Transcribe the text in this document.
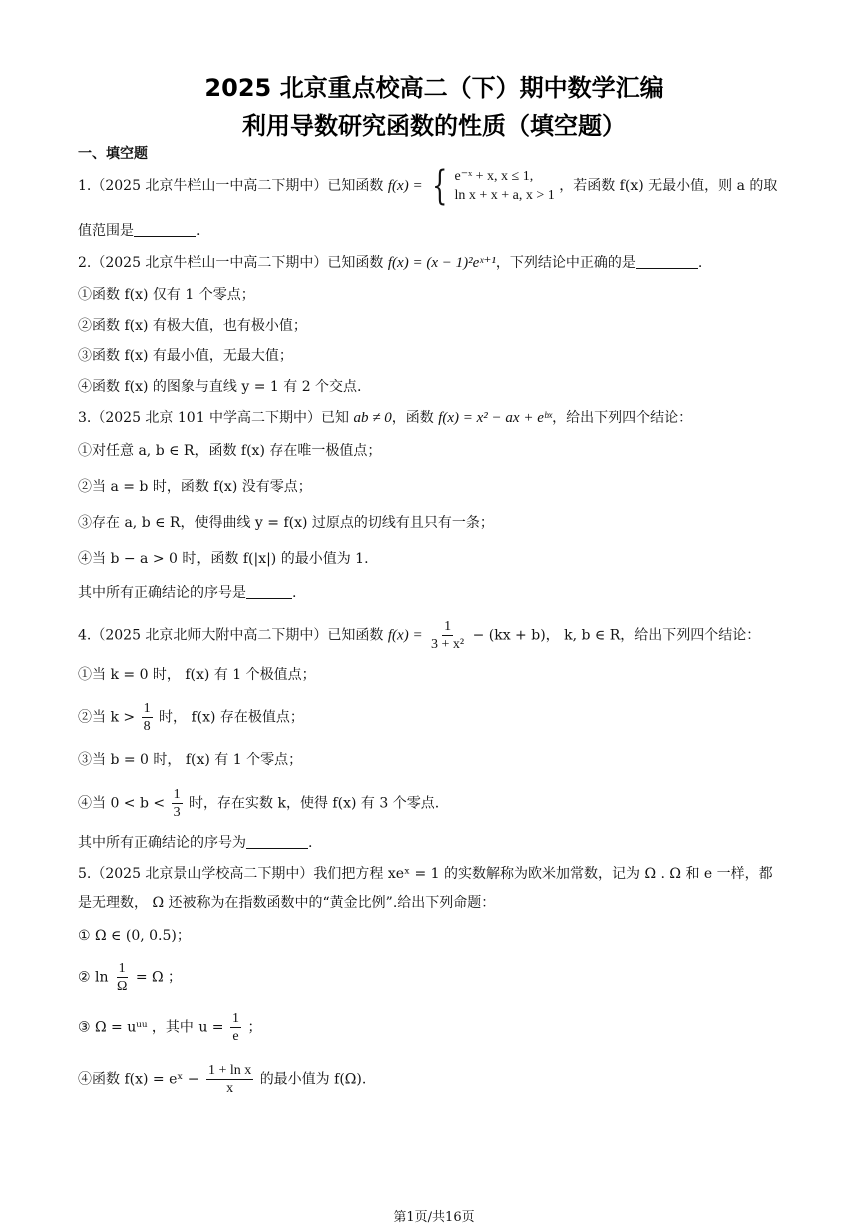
2025 北京重点校高二（下）期中数学汇编
利用导数研究函数的性质（填空题）
一、填空题
1.（2025 北京牛栏山一中高二下期中）已知函数 f(x) = { e⁻ˣ + x, x ≤ 1,
ln x + x + a, x > 1
，若函数 f(x) 无最小值，则 a 的取
值范围是	.
2.（2025 北京牛栏山一中高二下期中）已知函数 f(x) = (x − 1)²eˣ⁺¹，下列结论中正确的是	.
①函数 f(x) 仅有 1 个零点；
②函数 f(x) 有极大值，也有极小值；
③函数 f(x) 有最小值，无最大值；
④函数 f(x) 的图象与直线 y = 1 有 2 个交点.
3.（2025 北京 101 中学高二下期中）已知 ab ≠ 0，函数 f(x) = x² − ax + eᵇˣ，给出下列四个结论：
①对任意 a, b ∈ R，函数 f(x) 存在唯一极值点；
②当 a = b 时，函数 f(x) 没有零点；
③存在 a, b ∈ R，使得曲线 y = f(x) 过原点的切线有且只有一条；
④当 b − a > 0 时，函数 f(|x|) 的最小值为 1.
其中所有正确结论的序号是	.
4.（2025 北京北师大附中高二下期中）已知函数 $f(x) = \frac{1}{\text{3 + x²}} - (kx + b)$， k, b ∈ R，给出下列四个结论：
①当 k = 0 时， f(x) 有 1 个极值点；
②当 $k > \frac{1}{8}$ 时， f(x) 存在极值点；
③当 b = 0 时， f(x) 有 1 个零点；
④当 $0 < b < \frac{1}{3}$ 时，存在实数 k，使得 f(x) 有 3 个零点.
其中所有正确结论的序号为	.
5.（2025 北京景山学校高二下期中）我们把方程 xeˣ = 1 的实数解称为欧米加常数，记为 Ω . Ω 和 e 一样，都
是无理数， Ω 还被称为在指数函数中的“黄金比例”.给出下列命题：
① Ω ∈ (0, 0.5)；
② $\ln \frac{1}{\Omega} = \Omega$ ；
③ Ω = uᵘᵘ ，其中 $u = \frac{1}{e}$ ；
④函数 f(x) = eˣ − $\frac{\text{1 + ln x}}{x}$ 的最小值为 f(Ω).
第1页/共16页
